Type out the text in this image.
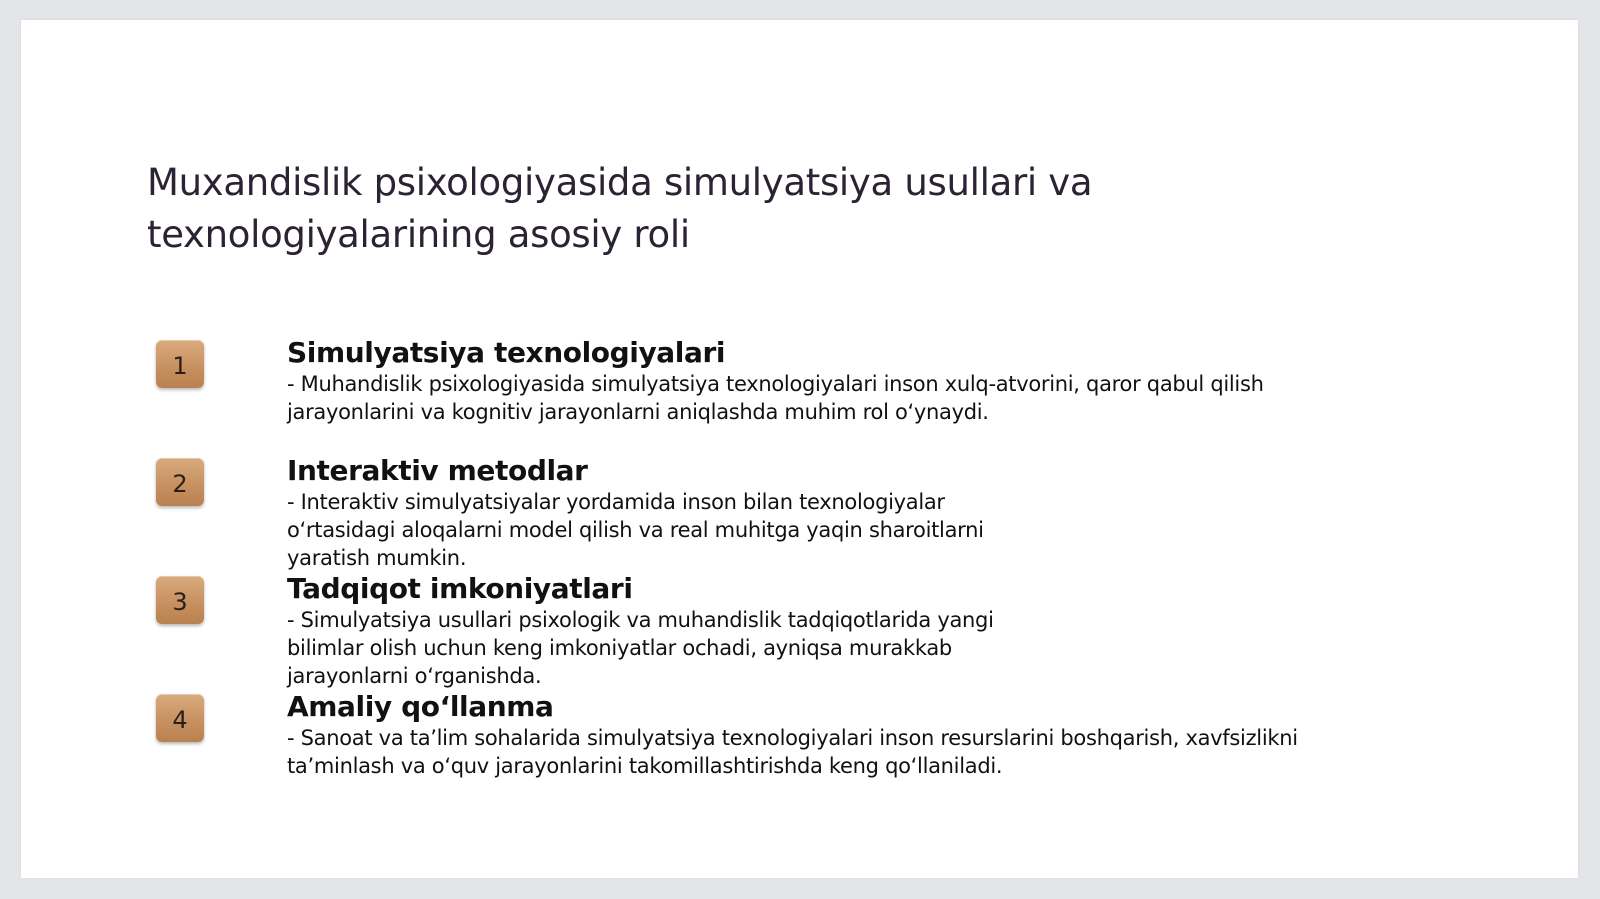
Muxandislik psixologiyasida simulyatsiya usullari va texnologiyalarining asosiy roli
1	Simulyatsiya texnologiyalari

- Muhandislik psixologiyasida simulyatsiya texnologiyalari inson xulq-atvorini, qaror qabul qilish
jarayonlarini va kognitiv jarayonlarni aniqlashda muhim rol o‘ynaydi.

2	Interaktiv metodlar

- Interaktiv simulyatsiyalar yordamida inson bilan texnologiyalar
o‘rtasidagi aloqalarni model qilish va real muhitga yaqin sharoitlarni
yaratish mumkin.

3	Tadqiqot imkoniyatlari

- Simulyatsiya usullari psixologik va muhandislik tadqiqotlarida yangi
bilimlar olish uchun keng imkoniyatlar ochadi, ayniqsa murakkab
jarayonlarni o‘rganishda.

4	Amaliy qo‘llanma

- Sanoat va ta’lim sohalarida simulyatsiya texnologiyalari inson resurslarini boshqarish, xavfsizlikni
ta’minlash va o‘quv jarayonlarini takomillashtirishda keng qo‘llaniladi.
